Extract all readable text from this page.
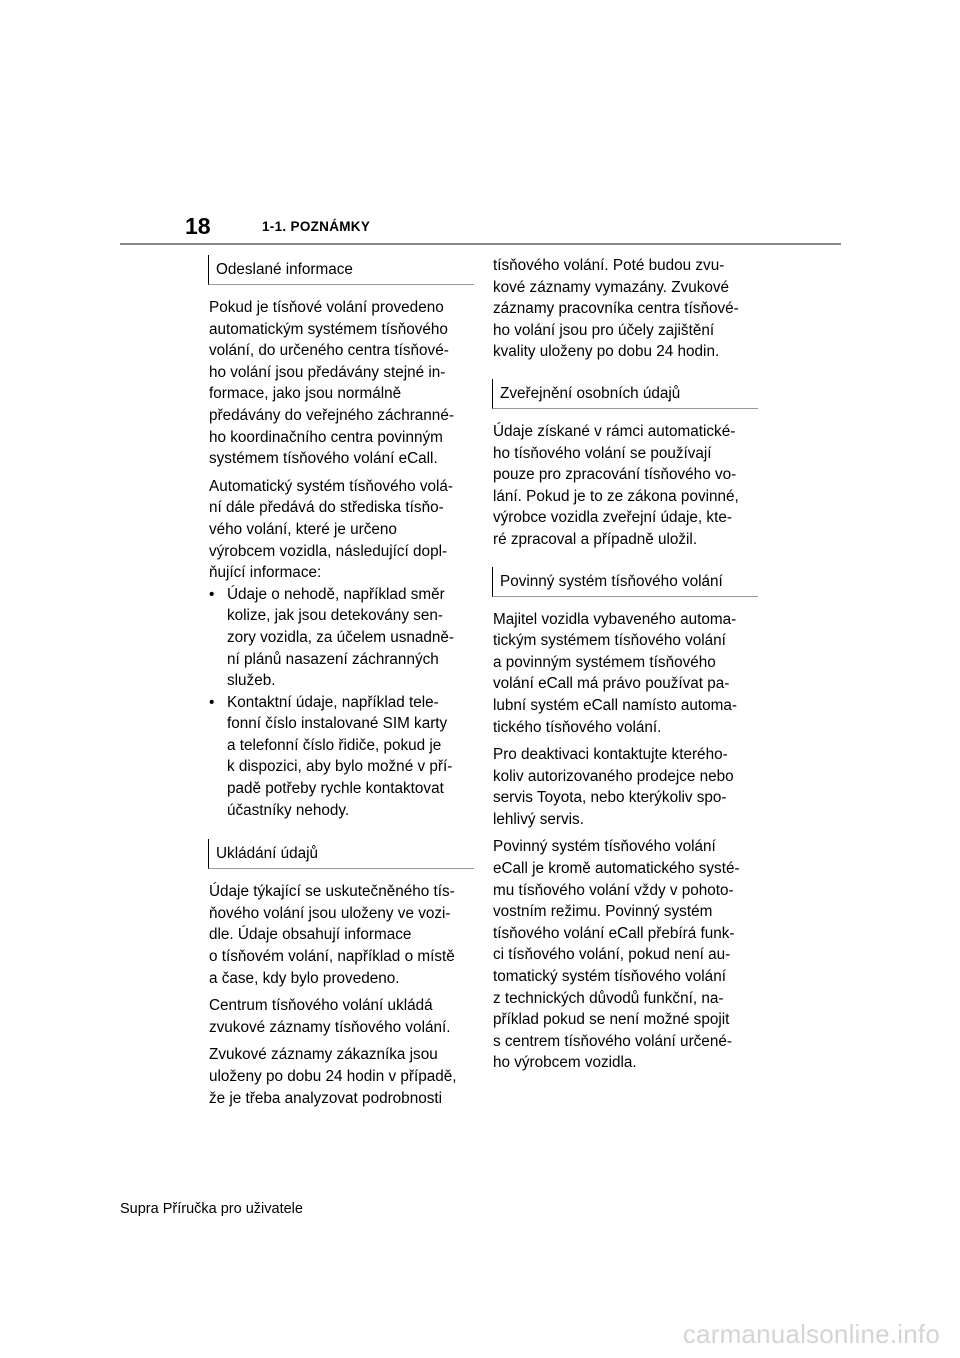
18	1-1. POZNÁMKY
Odeslané informace

Pokud je tísňové volání provedeno
automatickým systémem tísňového
volání, do určeného centra tísňové-
ho volání jsou předávány stejné in-
formace, jako jsou normálně
předávány do veřejného záchranné-
ho koordinačního centra povinným
systémem tísňového volání eCall.

Automatický systém tísňového volá-
ní dále předává do střediska tísňo-
vého volání, které je určeno
výrobcem vozidla, následující dopl-
ňující informace:

• Údaje o nehodě, například směr
kolize, jak jsou detekovány sen-
zory vozidla, za účelem usnadně-
ní plánů nasazení záchranných
služeb.
• Kontaktní údaje, například tele-
fonní číslo instalované SIM karty
a telefonní číslo řidiče, pokud je
k dispozici, aby bylo možné v pří-
padě potřeby rychle kontaktovat
účastníky nehody.
Ukládání údajů

Údaje týkající se uskutečněného tís-
ňového volání jsou uloženy ve vozi-
dle. Údaje obsahují informace
o tísňovém volání, například o místě
a čase, kdy bylo provedeno.

Centrum tísňového volání ukládá
zvukové záznamy tísňového volání.

Zvukové záznamy zákazníka jsou
uloženy po dobu 24 hodin v případě,
že je třeba analyzovat podrobnosti

tísňového volání. Poté budou zvu-
kové záznamy vymazány. Zvukové
záznamy pracovníka centra tísňové-
ho volání jsou pro účely zajištění
kvality uloženy po dobu 24 hodin.

Zveřejnění osobních údajů

Údaje získané v rámci automatické-
ho tísňového volání se používají
pouze pro zpracování tísňového vo-
lání. Pokud je to ze zákona povinné,
výrobce vozidla zveřejní údaje, kte-
ré zpracoval a případně uložil.

Povinný systém tísňového volání

Majitel vozidla vybaveného automa-
tickým systémem tísňového volání
a povinným systémem tísňového
volání eCall má právo používat pa-
lubní systém eCall namísto automa-
tického tísňového volání.

Pro deaktivaci kontaktujte kterého-
koliv autorizovaného prodejce nebo
servis Toyota, nebo kterýkoliv spo-
lehlivý servis.

Povinný systém tísňového volání
eCall je kromě automatického systé-
mu tísňového volání vždy v pohoto-
vostním režimu. Povinný systém
tísňového volání eCall přebírá funk-
ci tísňového volání, pokud není au-
tomatický systém tísňového volání
z technických důvodů funkční, na-
příklad pokud se není možné spojit
s centrem tísňového volání určené-
ho výrobcem vozidla.

Supra Příručka pro uživatele
carmanualsonline.info
